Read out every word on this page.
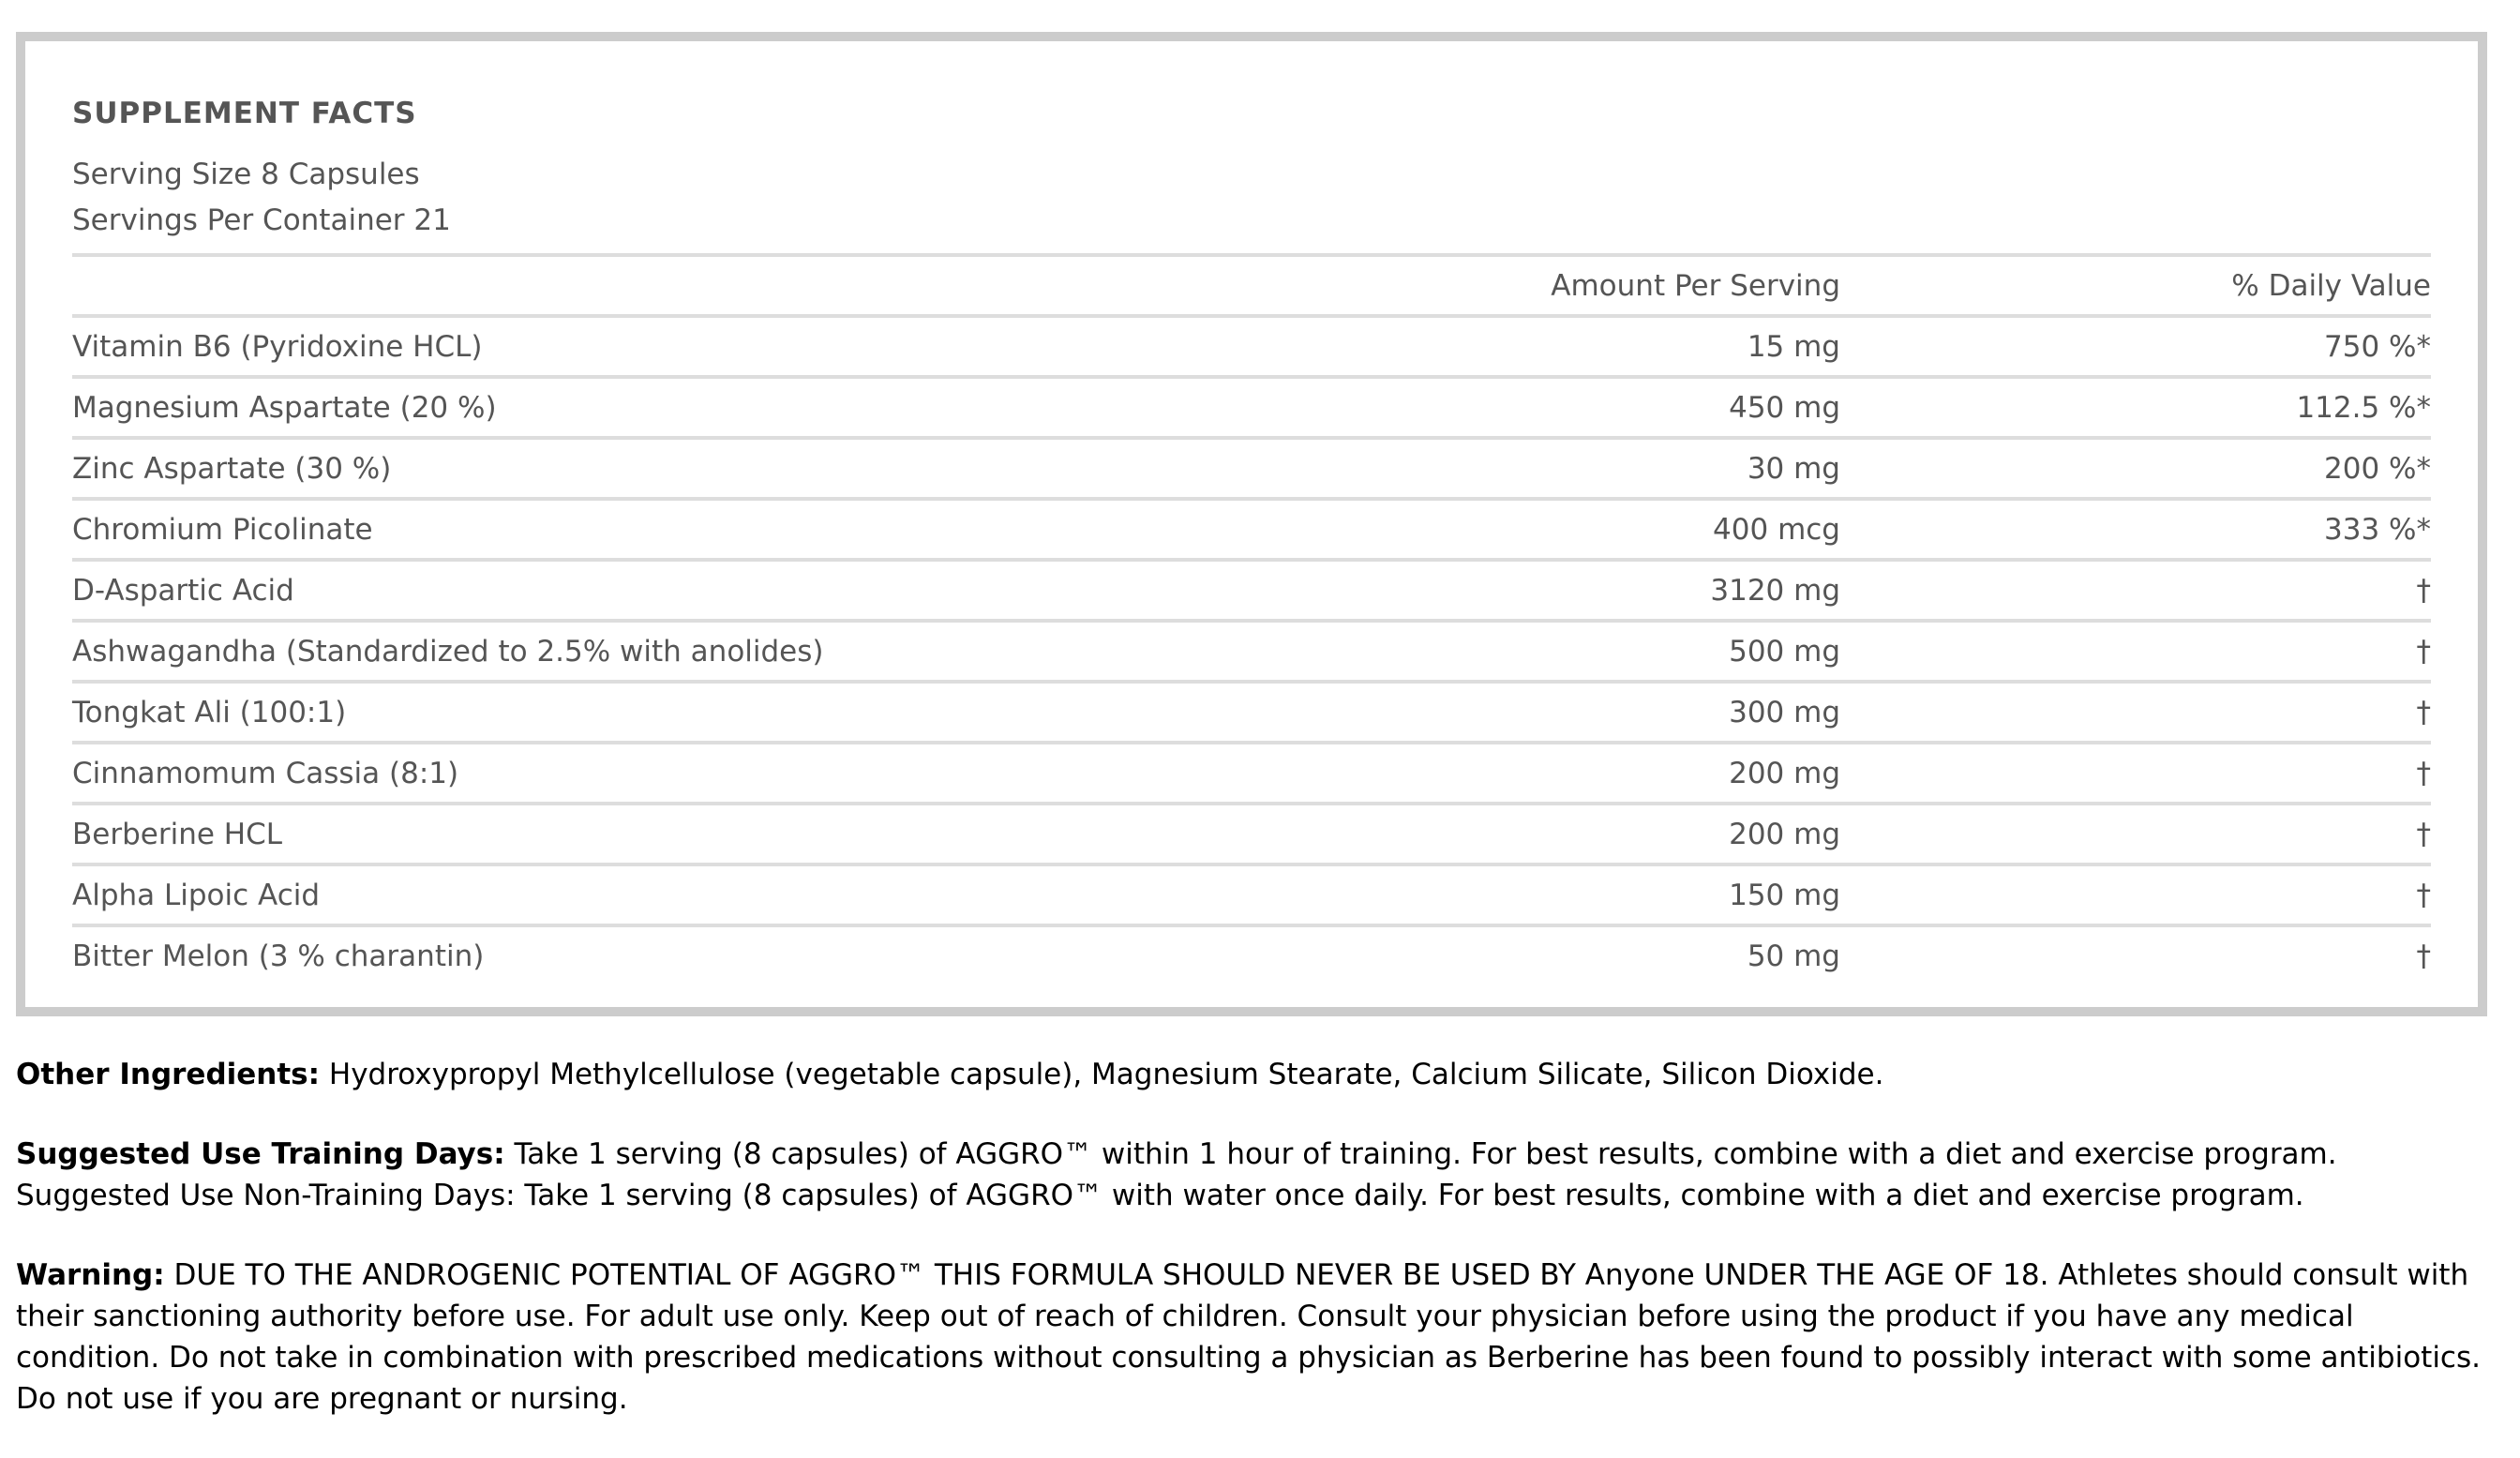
SUPPLEMENT FACTS

Serving Size 8 Capsules

Servings Per Container 21

	Amount Per Serving	% Daily Value
Vitamin B6 (Pyridoxine HCL)	15 mg	750 %*
Magnesium Aspartate (20 %)	450 mg	112.5 %*
Zinc Aspartate (30 %)	30 mg	200 %*
Chromium Picolinate	400 mcg	333 %*
D-Aspartic Acid	3120 mg	†
Ashwagandha (Standardized to 2.5% with anolides)	500 mg	†
Tongkat Ali (100:1)	300 mg	†
Cinnamomum Cassia (8:1)	200 mg	†
Berberine HCL	200 mg	†
Alpha Lipoic Acid	150 mg	†
Bitter Melon (3 % charantin)	50 mg	†

Other Ingredients: Hydroxypropyl Methylcellulose (vegetable capsule), Magnesium Stearate, Calcium Silicate, Silicon Dioxide.

Suggested Use Training Days: Take 1 serving (8 capsules) of AGGRO™ within 1 hour of training. For best results, combine with a diet and exercise program. Suggested Use Non-Training Days: Take 1 serving (8 capsules) of AGGRO™ with water once daily. For best results, combine with a diet and exercise program.

Warning: DUE TO THE ANDROGENIC POTENTIAL OF AGGRO™ THIS FORMULA SHOULD NEVER BE USED BY Anyone UNDER THE AGE OF 18. Athletes should consult with their sanctioning authority before use. For adult use only. Keep out of reach of children. Consult your physician before using the product if you have any medical condition. Do not take in combination with prescribed medications without consulting a physician as Berberine has been found to possibly interact with some antibiotics. Do not use if you are pregnant or nursing.
